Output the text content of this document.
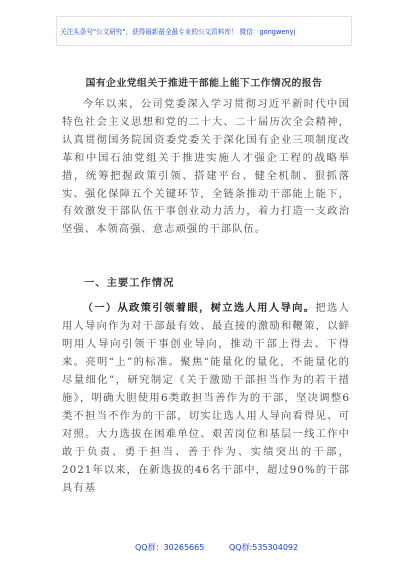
关注头条号"公文研究"，获得最新最全最专业的公文资料库！ 微信：gongwenyj
国有企业党组关于推进干部能上能下工作情况的报告

今年以来，公司党委深入学习贯彻习近平新时代中国特色社会主义思想和党的二十大、二十届历次全会精神，认真贯彻国务院国资委党委关于深化国有企业三项制度改革和中国石油党组关于推进实施人才强企工程的战略举措，统筹把握政策引领、搭建平台、健全机制、狠抓落实、强化保障五个关键环节，全链条推动干部能上能下，有效激发干部队伍干事创业动力活力，着力打造一支政治坚强、本领高强、意志顽强的干部队伍。

一、主要工作情况

（一）从政策引领着眼，树立选人用人导向。把选人用人导向作为对干部最有效、最直接的激励和鞭策，以鲜明用人导向引领干事创业导向，推动干部上得去、下得来。亮明“上”的标准。聚焦“能量化的量化，不能量化的尽量细化”，研究制定《关于激励干部担当作为的若干措施》，明确大胆使用6类敢担当善作为的干部，坚决调整6类不担当不作为的干部，切实让选人用人导向看得见、可对照。大力选拔在困难单位、艰苦岗位和基层一线工作中敢于负责、勇于担当、善于作为、实绩突出的干部，2021年以来，在新选拔的46名干部中，超过90%的干部具有基

QQ群：30265665	QQ群:535304092
